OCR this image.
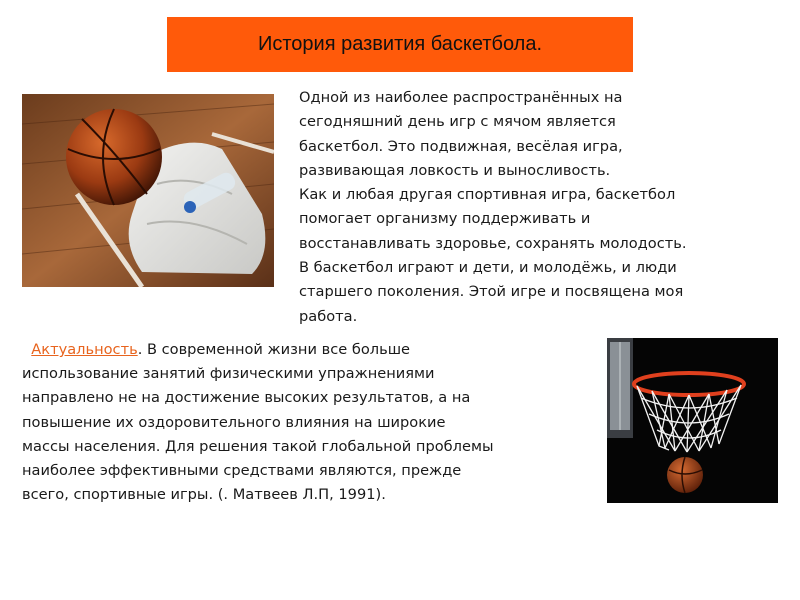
История развития баскетбола.

Одной из наиболее распространённых на

сегодняшний день игр с мячом является

баскетбол. Это подвижная, весёлая игра,

развивающая ловкость и выносливость.

Как и любая другая спортивная игра, баскетбол

помогает организму поддерживать и

восстанавливать здоровье, сохранять молодость.

В баскетбол играют и дети, и молодёжь, и люди

старшего поколения. Этой игре и посвящена моя

работа.

Актуальность. В современной жизни все больше

использование занятий физическими упражнениями

направлено не на достижение высоких результатов, а на

повышение их оздоровительного влияния на широкие

массы населения. Для решения такой глобальной проблемы

наиболее эффективными средствами являются, прежде

всего, спортивные игры. (. Матвеев Л.П, 1991).
